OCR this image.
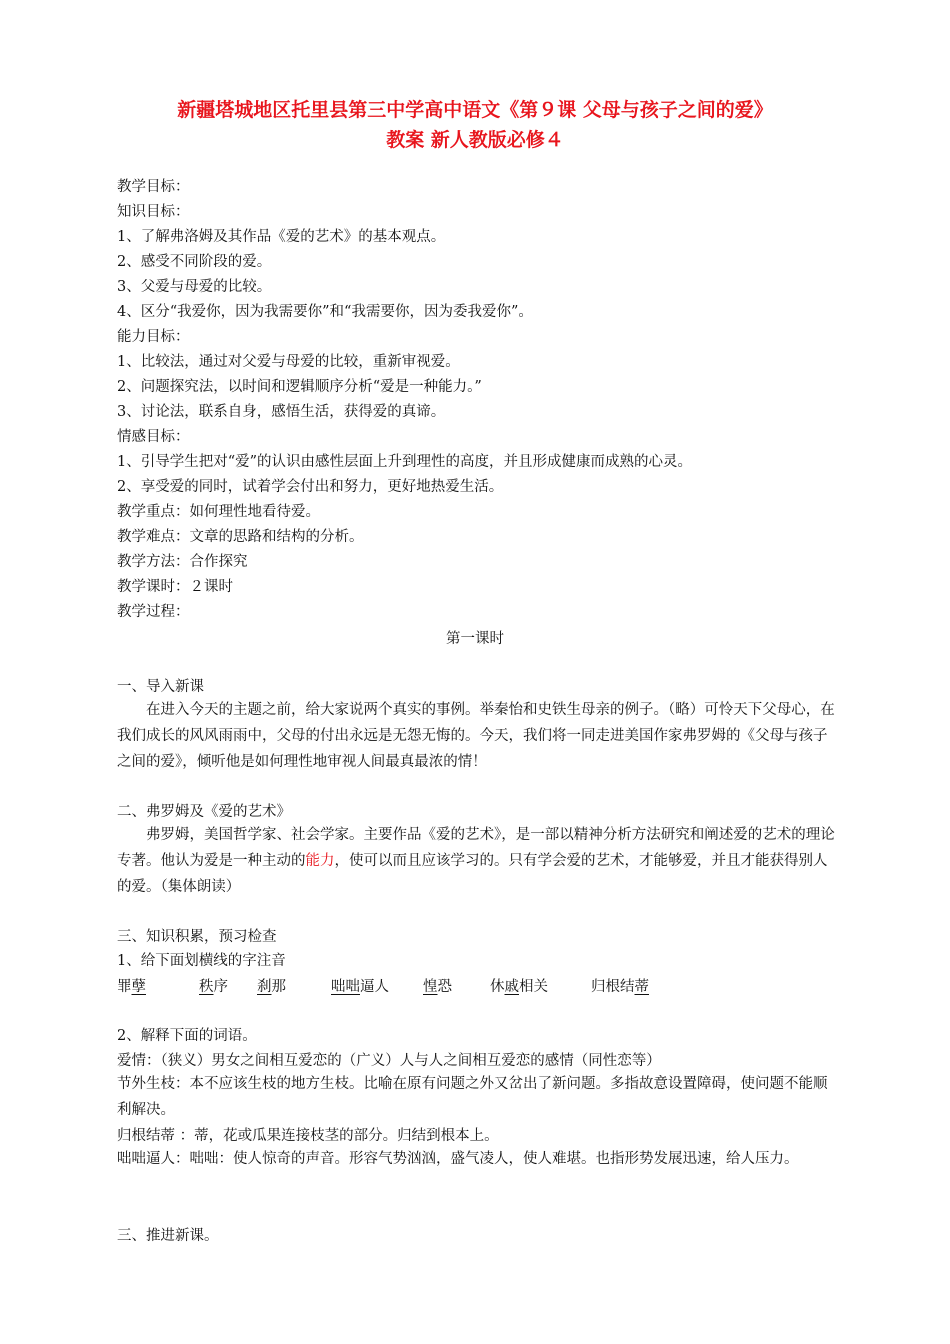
新疆塔城地区托里县第三中学高中语文《第９课 父母与孩子之间的爱》
教案 新人教版必修４
教学目标：
知识目标：
1、了解弗洛姆及其作品《爱的艺术》的基本观点。
2、感受不同阶段的爱。
3、父爱与母爱的比较。
4、区分“我爱你，因为我需要你”和“我需要你，因为委我爱你”。
能力目标：
1、比较法，通过对父爱与母爱的比较，重新审视爱。
2、问题探究法，以时间和逻辑顺序分析“爱是一种能力。”
3、讨论法，联系自身，感悟生活，获得爱的真谛。
情感目标：
1、引导学生把对“爱”的认识由感性层面上升到理性的高度，并且形成健康而成熟的心灵。
2、享受爱的同时，试着学会付出和努力，更好地热爱生活。
教学重点：如何理性地看待爱。
教学难点：文章的思路和结构的分析。
教学方法：合作探究
教学课时：２课时
教学过程：
第一课时
一、导入新课
在进入今天的主题之前，给大家说两个真实的事例。举秦怡和史铁生母亲的例子。（略）可怜天下父母心，在我们成长的风风雨雨中，父母的付出永远是无怨无悔的。今天，我们将一同走进美国作家弗罗姆的《父母与孩子之间的爱》，倾听他是如何理性地审视人间最真最浓的情！
二、弗罗姆及《爱的艺术》
弗罗姆，美国哲学家、社会学家。主要作品《爱的艺术》，是一部以精神分析方法研究和阐述爱的艺术的理论专著。他认为爱是一种主动的能力，使可以而且应该学习的。只有学会爱的艺术，才能够爱，并且才能获得别人的爱。（集体朗读）
三、知识积累，预习检查
1、给下面划横线的字注音
罪孽	秩序 刹那	咄咄逼人 惶恐	休戚相关	归根结蒂
2、解释下面的词语。
爱情：（狭义）男女之间相互爱恋的（广义）人与人之间相互爱恋的感情（同性恋等）
节外生枝：本不应该生枝的地方生枝。比喻在原有问题之外又岔出了新问题。多指故意设置障碍，使问题不能顺利解决。
归根结蒂 ：蒂，花或瓜果连接枝茎的部分。归结到根本上。
咄咄逼人：咄咄：使人惊奇的声音。形容气势汹汹，盛气凌人，使人难堪。也指形势发展迅速，给人压力。
三、推进新课。
